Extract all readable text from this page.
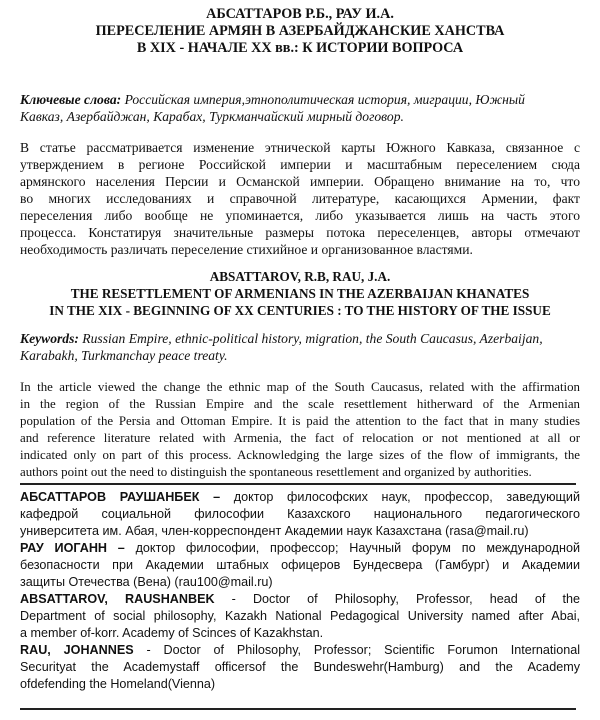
АБСАТТАРОВ Р.Б., РАУ И.А.
ПЕРЕСЕЛЕНИЕ АРМЯН В АЗЕРБАЙДЖАНСКИЕ ХАНСТВА
В XIX - НАЧАЛЕ XX вв.: К ИСТОРИИ ВОПРОСА
Ключевые слова: Российская империя,этнополитическая история, миграции, Южный
Кавказ, Азербайджан, Карабах, Туркманчайский мирный договор.
В статье рассматривается изменение этнической карты Южного Кавказа, связанное с
утверждением в регионе Российской империи и масштабным переселением сюда
армянского населения Персии и Османской империи. Обращено внимание на то, что
во многих исследованиях и справочной литературе, касающихся Армении, факт
переселения либо вообще не упоминается, либо указывается лишь на часть этого
процесса. Констатируя значительные размеры потока переселенцев, авторы отмечают
необходимость различать переселение стихийное и организованное властями.
ABSATTAROV, R.B, RAU, J.A.
THE RESETTLEMENT OF ARMENIANS IN THE AZERBAIJAN KHANATES
IN THE XIX - BEGINNING OF XX CENTURIES : TO THE HISTORY OF THE ISSUE
Keywords: Russian Empire, ethnic-political history, migration, the South Caucasus, Azerbaijan,
Karabakh, Turkmanchay peace treaty.
In the article viewed the change the ethnic map of the South Caucasus, related with the affirmation
in the region of the Russian Empire and the scale resettlement hitherward of the Armenian
population of the Persia and Ottoman Empire. It is paid the attention to the fact that in many studies
and reference literature related with Armenia, the fact of relocation or not mentioned at all or
indicated only on part of this process. Acknowledging the large sizes of the flow of immigrants, the
authors point out the need to distinguish the spontaneous resettlement and organized by authorities.
АБСАТТАРОВ РАУШАНБЕК – доктор философских наук, профессор, заведующий
кафедрой социальной философии Казахского национального педагогического
университета им. Абая, член-корреспондент Академии наук Казахстана (rasa@mail.ru)
РАУ ИОГАНН – доктор философии, профессор; Научный форум по международной
безопасности при Академии штабных офицеров Бундесвера (Гамбург) и Академии
защиты Отечества (Вена) (rau100@mail.ru)
ABSATTAROV, RAUSHANBEK - Doctor of Philosophy, Professor, head of the
Department of social philosophy, Kazakh National Pedagogical University named after Abai,
a member of-korr. Academy of Scinces of Kazakhstan.
RAU, JOHANNES - Doctor of Philosophy, Professor; Scientific Forumon International
Securityat the Academystaff officersof the Bundeswehr(Hamburg) and the Academy
ofdefending the Homeland(Vienna)
